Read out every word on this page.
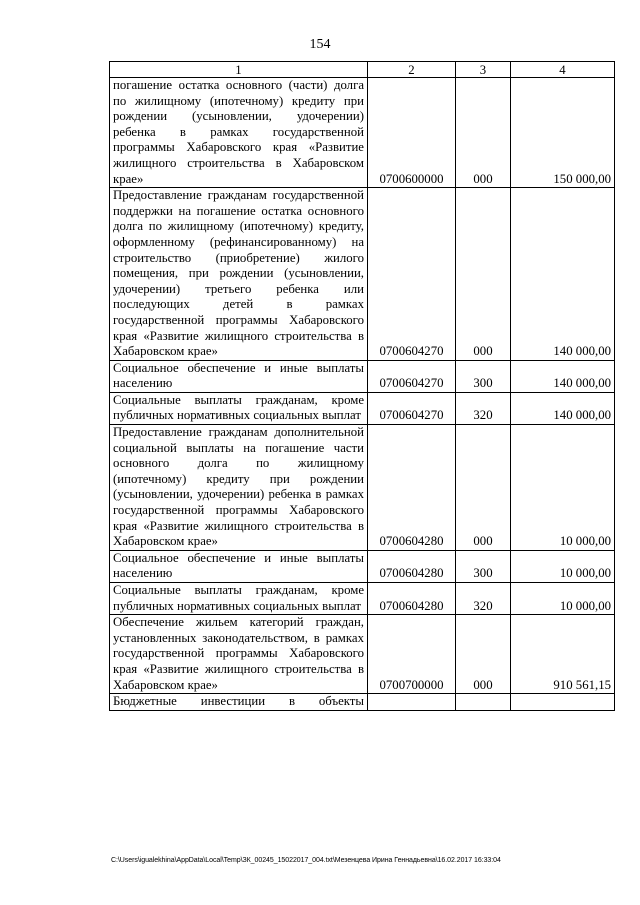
154
1	2	3	4
погашение остатка основного (части) долга по жилищному (ипотечному) кредиту при рождении (усыновлении, удочерении) ребенка в рамках государственной программы Хабаровского края «Развитие жилищного строительства в Хабаровском крае»	0700600000	000	150 000,00
Предоставление гражданам государственной поддержки на погашение остатка основного долга по жилищному (ипотечному) кредиту, оформленному (рефинансированному) на строительство (приобретение) жилого помещения, при рождении (усыновлении, удочерении) третьего ребенка или последующих детей в рамках государственной программы Хабаровского края «Развитие жилищного строительства в Хабаровском крае»	0700604270	000	140 000,00
Социальное обеспечение и иные выплаты населению	0700604270	300	140 000,00
Социальные выплаты гражданам, кроме публичных нормативных социальных выплат	0700604270	320	140 000,00
Предоставление гражданам дополнительной социальной выплаты на погашение части основного долга по жилищному (ипотечному) кредиту при рождении (усыновлении, удочерении) ребенка в рамках государственной программы Хабаровского края «Развитие жилищного строительства в Хабаровском крае»	0700604280	000	10 000,00
Социальное обеспечение и иные выплаты населению	0700604280	300	10 000,00
Социальные выплаты гражданам, кроме публичных нормативных социальных выплат	0700604280	320	10 000,00
Обеспечение жильем категорий граждан, установленных законодательством, в рамках государственной программы Хабаровского края «Развитие жилищного строительства в Хабаровском крае»	0700700000	000	910 561,15
Бюджетные инвестиции в объекты			
C:\Users\igualekhina\AppData\Local\Temp\ЗК_00245_15022017_004.txt\Мезенцева Ирина Геннадьевна\16.02.2017 16:33:04
